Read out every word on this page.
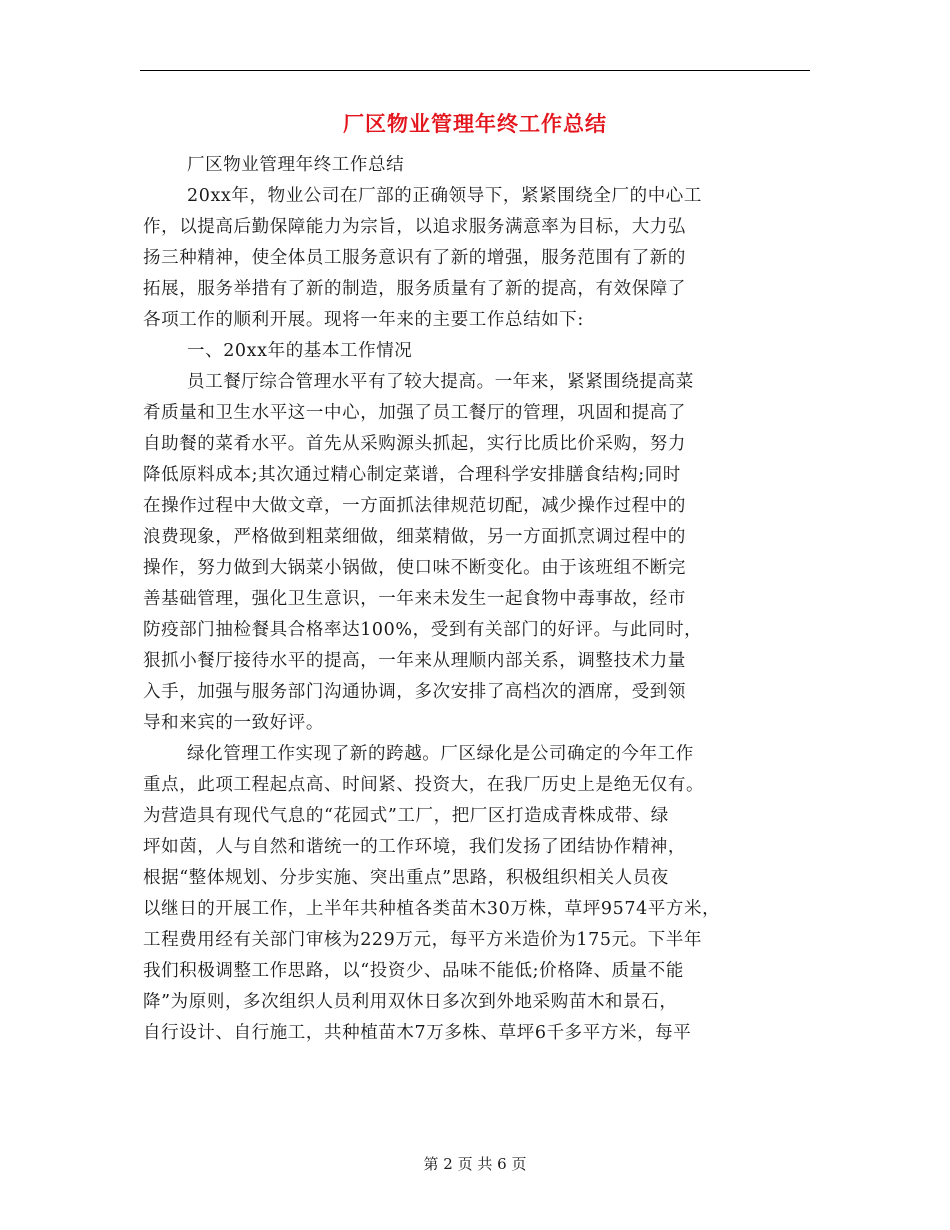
厂区物业管理年终工作总结
厂区物业管理年终工作总结
20xx年，物业公司在厂部的正确领导下，紧紧围绕全厂的中心工
作，以提高后勤保障能力为宗旨，以追求服务满意率为目标，大力弘
扬三种精神，使全体员工服务意识有了新的增强，服务范围有了新的
拓展，服务举措有了新的制造，服务质量有了新的提高，有效保障了
各项工作的顺利开展。现将一年来的主要工作总结如下:
一、20xx年的基本工作情况
员工餐厅综合管理水平有了较大提高。一年来，紧紧围绕提高菜
肴质量和卫生水平这一中心，加强了员工餐厅的管理，巩固和提高了
自助餐的菜肴水平。首先从采购源头抓起，实行比质比价采购，努力
降低原料成本;其次通过精心制定菜谱，合理科学安排膳食结构;同时
在操作过程中大做文章，一方面抓法律规范切配，减少操作过程中的
浪费现象，严格做到粗菜细做，细菜精做，另一方面抓烹调过程中的
操作，努力做到大锅菜小锅做，使口味不断变化。由于该班组不断完
善基础管理，强化卫生意识，一年来未发生一起食物中毒事故，经市
防疫部门抽检餐具合格率达100%，受到有关部门的好评。与此同时，
狠抓小餐厅接待水平的提高，一年来从理顺内部关系，调整技术力量
入手，加强与服务部门沟通协调，多次安排了高档次的酒席，受到领
导和来宾的一致好评。
绿化管理工作实现了新的跨越。厂区绿化是公司确定的今年工作
重点，此项工程起点高、时间紧、投资大，在我厂历史上是绝无仅有。
为营造具有现代气息的“花园式”工厂，把厂区打造成青株成带、绿
坪如茵，人与自然和谐统一的工作环境，我们发扬了团结协作精神，
根据“整体规划、分步实施、突出重点”思路，积极组织相关人员夜
以继日的开展工作，上半年共种植各类苗木30万株，草坪9574平方米，
工程费用经有关部门审核为229万元，每平方米造价为175元。下半年
我们积极调整工作思路，以“投资少、品味不能低;价格降、质量不能
降”为原则，多次组织人员利用双休日多次到外地采购苗木和景石，
自行设计、自行施工，共种植苗木7万多株、草坪6千多平方米，每平
第 2 页 共 6 页
